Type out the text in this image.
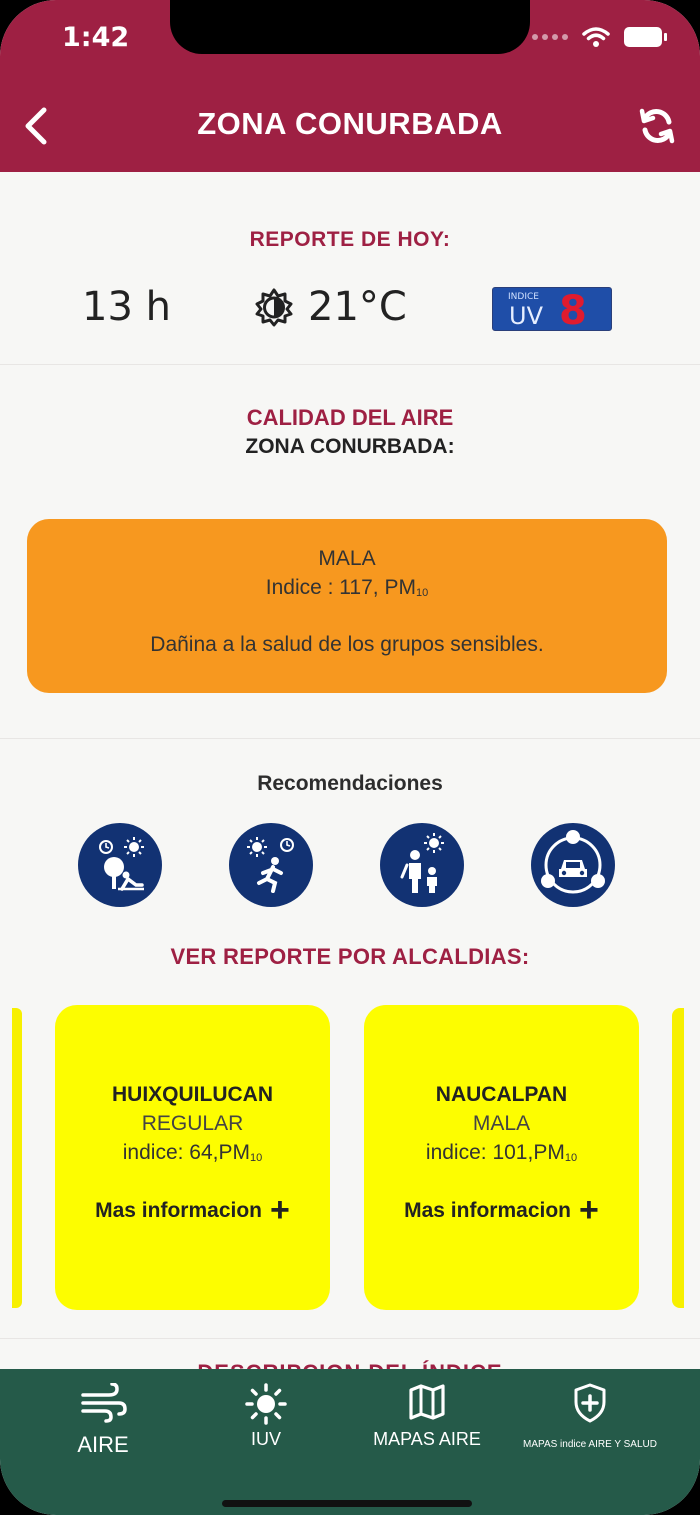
1:42
ZONA CONURBADA
REPORTE DE HOY:
13 h	21°C	INDICE
UV 8
CALIDAD DEL AIRE
ZONA CONURBADA:
MALA
Indice : 117, PM10
Dañina a la salud de los grupos sensibles.
Recomendaciones
VER REPORTE POR ALCALDIAS:
HUIXQUILUCAN
REGULAR
indice: 64,PM10
Mas informacion +
NAUCALPAN
MALA
indice: 101,PM10
Mas informacion +
AIRE	IUV	MAPAS AIRE	MAPAS indice AIRE Y SALUD
